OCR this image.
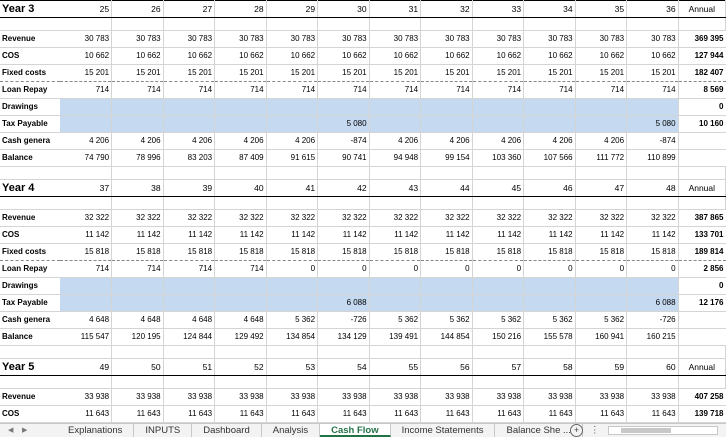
Year 3	25	26	27	28	29	30	31	32	33	34	35	36	Annual

Revenue	30 783	30 783	30 783	30 783	30 783	30 783	30 783	30 783	30 783	30 783	30 783	30 783	369 395
COS	10 662	10 662	10 662	10 662	10 662	10 662	10 662	10 662	10 662	10 662	10 662	10 662	127 944
Fixed costs	15 201	15 201	15 201	15 201	15 201	15 201	15 201	15 201	15 201	15 201	15 201	15 201	182 407
Loan Repay	714	714	714	714	714	714	714	714	714	714	714	714	8 569
Drawings													0
Tax Payable						5 080						5 080	10 160
Cash genera	4 206	4 206	4 206	4 206	4 206	-874	4 206	4 206	4 206	4 206	4 206	-874	
Balance	74 790	78 996	83 203	87 409	91 615	90 741	94 948	99 154	103 360	107 566	111 772	110 899	

Year 4	37	38	39	40	41	42	43	44	45	46	47	48	Annual

Revenue	32 322	32 322	32 322	32 322	32 322	32 322	32 322	32 322	32 322	32 322	32 322	32 322	387 865
COS	11 142	11 142	11 142	11 142	11 142	11 142	11 142	11 142	11 142	11 142	11 142	11 142	133 701
Fixed costs	15 818	15 818	15 818	15 818	15 818	15 818	15 818	15 818	15 818	15 818	15 818	15 818	189 814
Loan Repay	714	714	714	714	0	0	0	0	0	0	0	0	2 856
Drawings													0
Tax Payable						6 088						6 088	12 176
Cash genera	4 648	4 648	4 648	4 648	5 362	-726	5 362	5 362	5 362	5 362	5 362	-726	
Balance	115 547	120 195	124 844	129 492	134 854	134 129	139 491	144 854	150 216	155 578	160 941	160 215	

Year 5	49	50	51	52	53	54	55	56	57	58	59	60	Annual

Revenue	33 938	33 938	33 938	33 938	33 938	33 938	33 938	33 938	33 938	33 938	33 938	33 938	407 258
COS	11 643	11 643	11 643	11 643	11 643	11 643	11 643	11 643	11 643	11 643	11 643	11 643	139 718

◀ ▶	Explanations	INPUTS	Dashboard	Analysis	Cash Flow	Income Statements	Balance She ... +	⋮
